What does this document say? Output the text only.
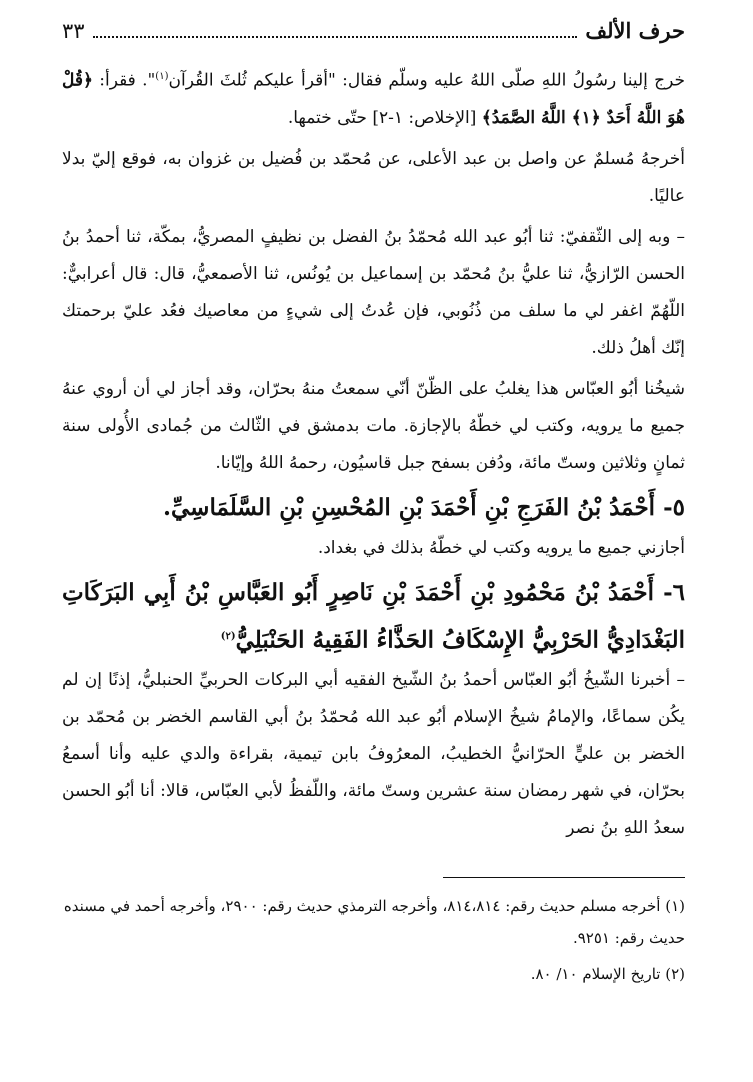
حرف الألف
٣٣

خرج إلينا رسُولُ اللهِ صلّى اللهُ عليه وسلّم فقال: "أقرأ عليكم ثُلثَ القُرآن$^{(١)}$". فقرأ: ﴿قُلْ هُوَ اللَّهُ أَحَدٌ ﴿١﴾ اللَّهُ الصَّمَدُ﴾ [الإخلاص: ١-٢] حتّى ختمها.

أخرجهُ مُسلمٌ عن واصل بن عبد الأعلى، عن مُحمّد بن فُضيل بن غزوان به، فوقع إليّ بدلا عاليًا.

– وبه إلى الثّقفيّ: ثنا أبُو عبد الله مُحمّدُ بنُ الفضل بن نظيفٍ المصريُّ، بمكّة، ثنا أحمدُ بنُ الحسن الرّازيُّ، ثنا عليُّ بنُ مُحمّد بن إسماعيل بن يُونُس، ثنا الأصمعيُّ، قال: قال أعرابيٌّ: اللّهُمّ اغفر لي ما سلف من ذُنُوبي، فإن عُدتُ إلى شيءٍ من معاصيك فعُد عليّ برحمتك إنّك أهلُ ذلك.

شيخُنا أبُو العبّاس هذا يغلبُ على الظّنّ أنّي سمعتُ منهُ بحرّان، وقد أجاز لي أن أروي عنهُ جميع ما يرويه، وكتب لي خطّهُ بالإجازة. مات بدمشق في الثّالث من جُمادى الأُولى سنة ثمانٍ وثلاثين وستّ مائة، ودُفن بسفح جبل قاسيُون، رحمهُ اللهُ وإيّانا.

٥- أَحْمَدُ بْنُ الفَرَجِ بْنِ أَحْمَدَ بْنِ المُحْسِنِ بْنِ السَّلَمَاسِيِّ.

أجازني جميع ما يرويه وكتب لي خطّهُ بذلك في بغداد.

٦- أَحْمَدُ بْنُ مَحْمُودِ بْنِ أَحْمَدَ بْنِ نَاصِرٍ أَبُو العَبَّاسِ بْنُ أَبِي البَرَكَاتِ البَغْدَادِيُّ الحَرْبِيُّ الإِسْكَافُ الحَذَّاءُ الفَقِيهُ الحَنْبَلِيُّ$^{(٢)}$

– أخبرنا الشّيخُ أبُو العبّاس أحمدُ بنُ الشّيخ الفقيه أبي البركات الحربيِّ الحنبليُّ، إذنًا إن لم يكُن سماعًا، والإمامُ شيخُ الإسلام أبُو عبد الله مُحمّدُ بنُ أبي القاسم الخضر بن مُحمّد بن الخضر بن عليٍّ الحرّانيُّ الخطيبُ، المعرُوفُ بابن تيمية، بقراءة والدي عليه وأنا أسمعُ بحرّان، في شهر رمضان سنة عشرين وستّ مائة، واللّفظُ لأبي العبّاس، قالا: أنا أبُو الحسن سعدُ اللهِ بنُ نصر

(١) أخرجه مسلم حديث رقم: ٨١٤،٨١٤، وأخرجه الترمذي حديث رقم: ٢٩٠٠، وأخرجه أحمد في مسنده حديث رقم: ٩٢٥١.

(٢) تاريخ الإسلام ١٠/ ٨٠.
